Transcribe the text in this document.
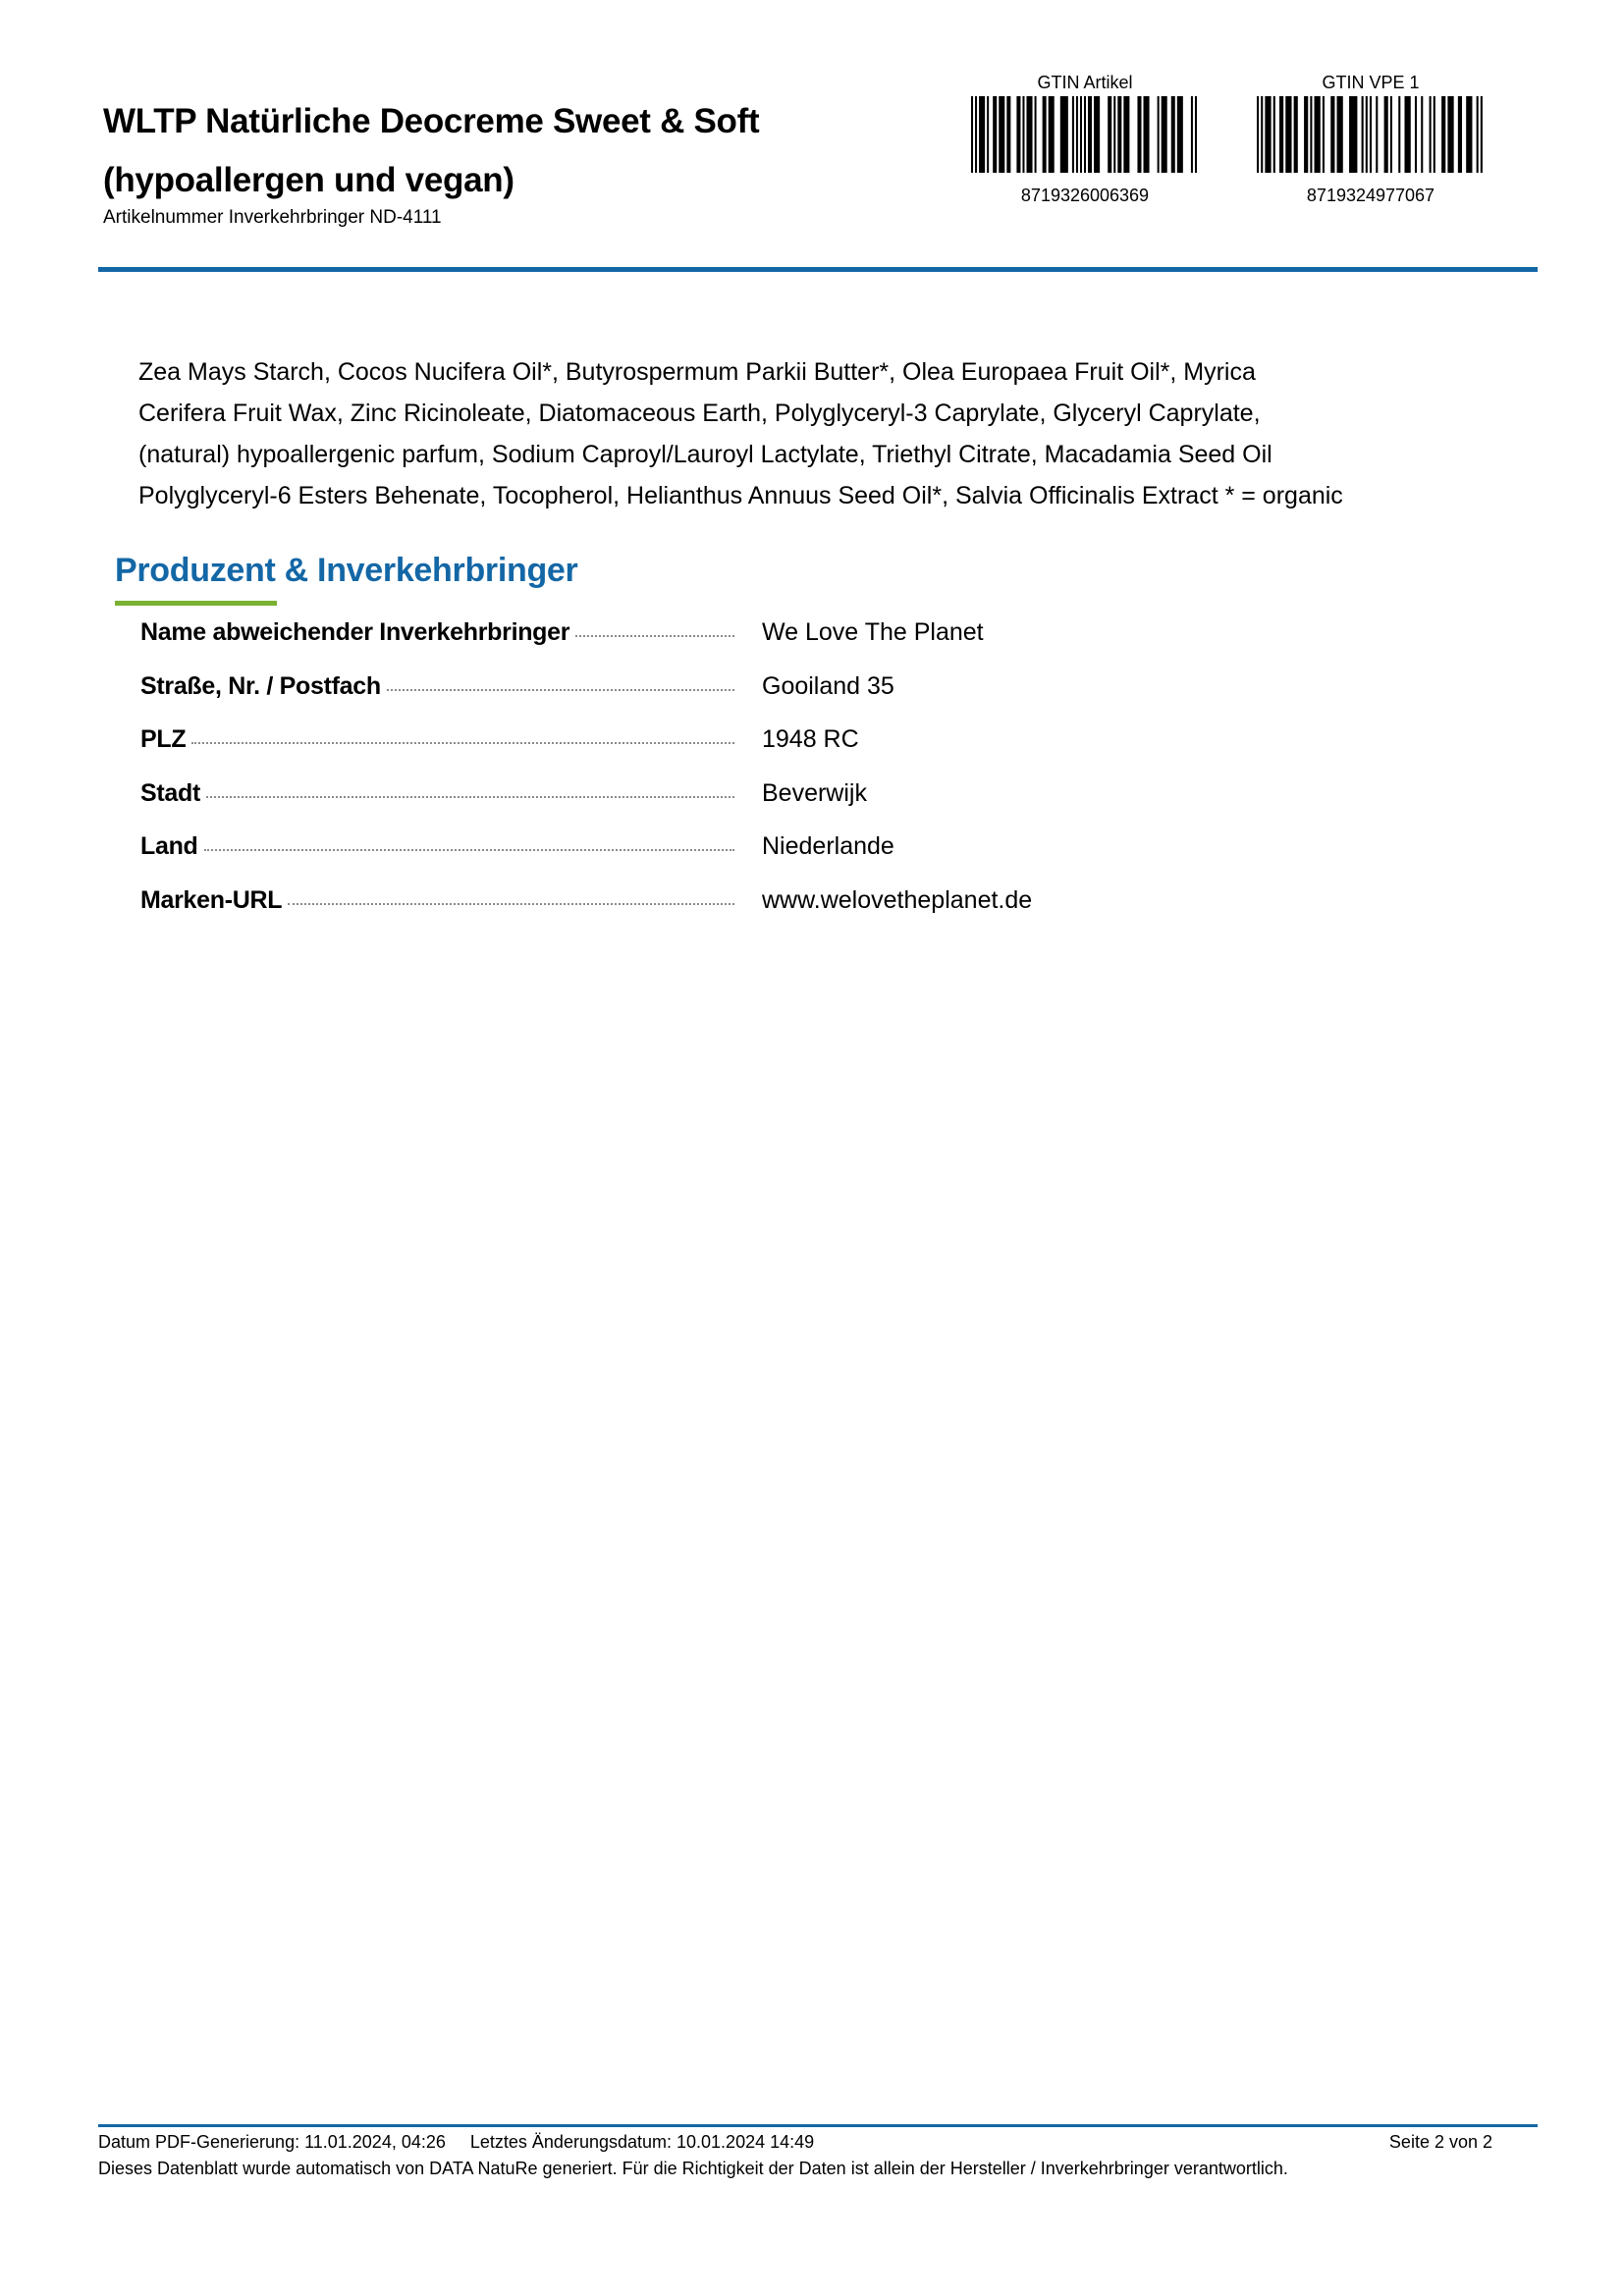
WLTP Natürliche Deocreme Sweet & Soft
(hypoallergen und vegan)
Artikelnummer Inverkehrbringer ND-4111
GTIN Artikel
8719326006369
GTIN VPE 1
8719324977067
Zea Mays Starch, Cocos Nucifera Oil*, Butyrospermum Parkii Butter*, Olea Europaea Fruit Oil*, Myrica
Cerifera Fruit Wax, Zinc Ricinoleate, Diatomaceous Earth, Polyglyceryl-3 Caprylate, Glyceryl Caprylate,
(natural) hypoallergenic parfum, Sodium Caproyl/Lauroyl Lactylate, Triethyl Citrate, Macadamia Seed Oil
Polyglyceryl-6 Esters Behenate, Tocopherol, Helianthus Annuus Seed Oil*, Salvia Officinalis Extract * = organic
Produzent & Inverkehrbringer
Name abweichender Inverkehrbringer	We Love The Planet
Straße, Nr. / Postfach	Gooiland 35
PLZ	1948 RC
Stadt	Beverwijk
Land	Niederlande
Marken-URL	www.welovetheplanet.de
Datum PDF-Generierung: 11.01.2024, 04:26     Letztes Änderungsdatum: 10.01.2024 14:49	Seite 2 von 2
Dieses Datenblatt wurde automatisch von DATA NatuRe generiert. Für die Richtigkeit der Daten ist allein der Hersteller / Inverkehrbringer verantwortlich.
